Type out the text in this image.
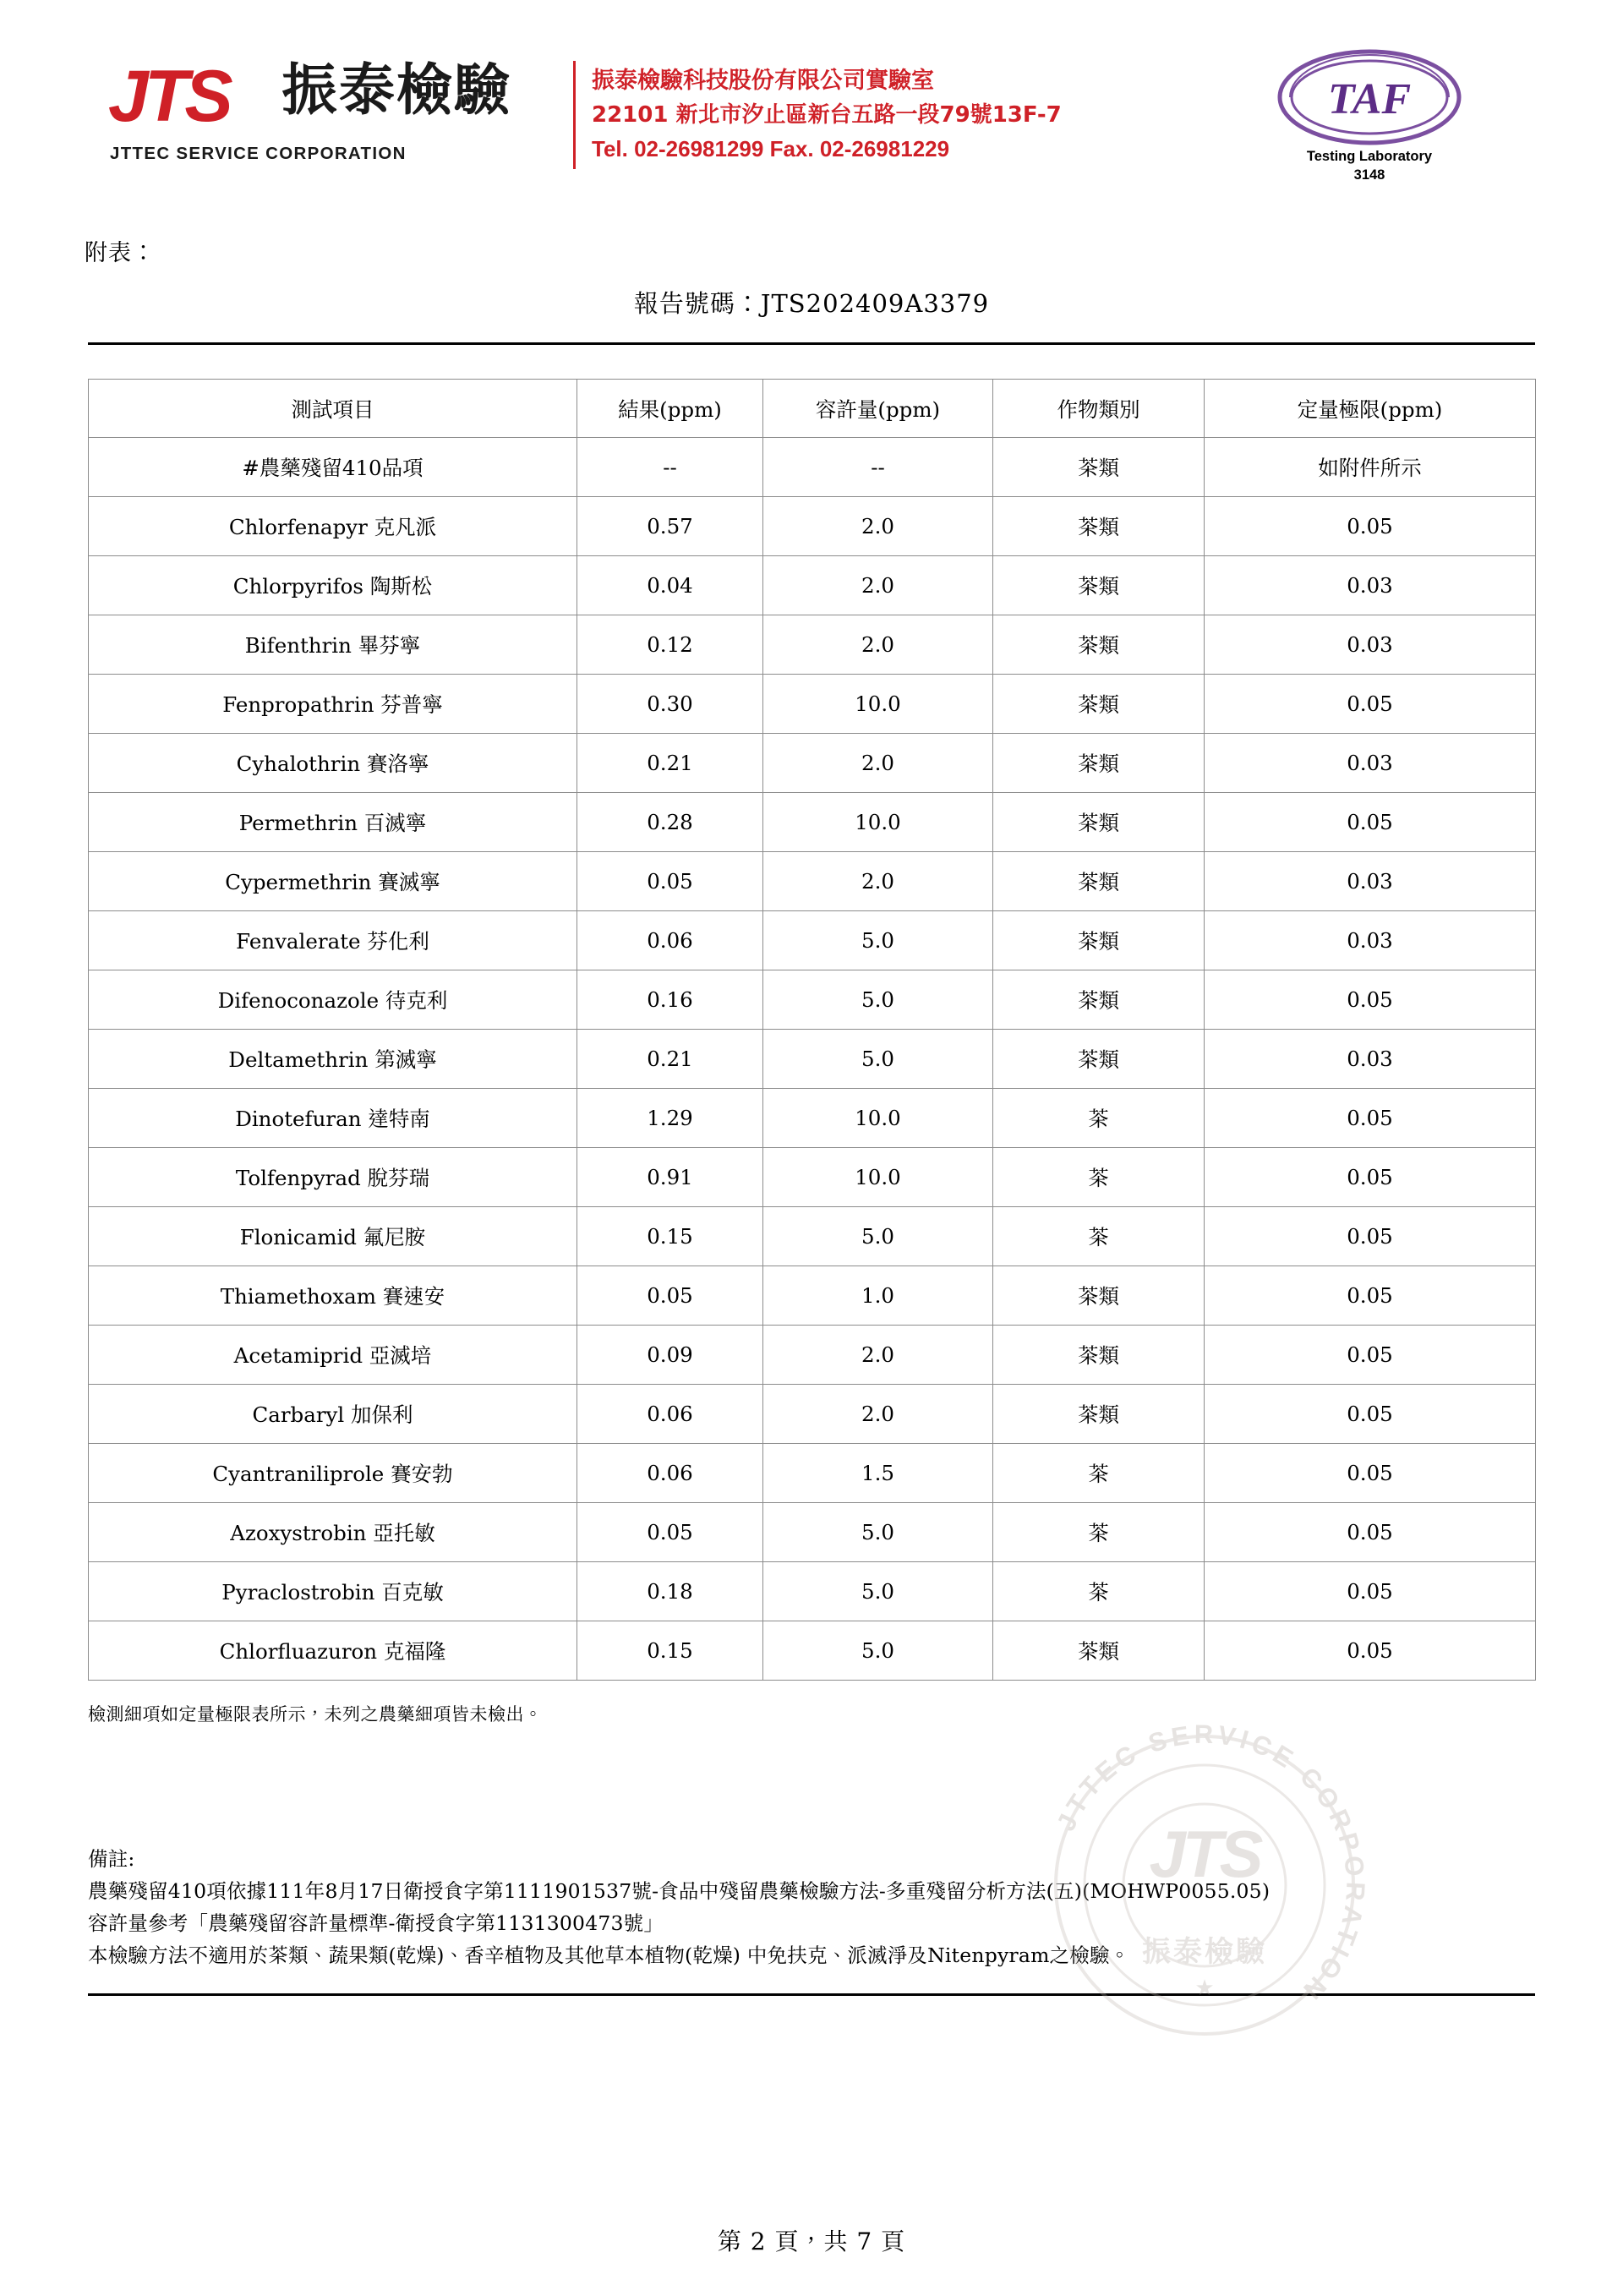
JTS 振泰檢驗
JTTEC SERVICE CORPORATION
振泰檢驗科技股份有限公司實驗室
22101 新北市汐止區新台五路一段79號13F-7
Tel. 02-26981299 Fax. 02-26981229
TAF
Testing Laboratory
3148
附表：
報告號碼：JTS202409A3379
測試項目	結果(ppm)	容許量(ppm)	作物類別	定量極限(ppm)
#農藥殘留410品項	--	--	茶類	如附件所示
Chlorfenapyr 克凡派	0.57	2.0	茶類	0.05
Chlorpyrifos 陶斯松	0.04	2.0	茶類	0.03
Bifenthrin 畢芬寧	0.12	2.0	茶類	0.03
Fenpropathrin 芬普寧	0.30	10.0	茶類	0.05
Cyhalothrin 賽洛寧	0.21	2.0	茶類	0.03
Permethrin 百滅寧	0.28	10.0	茶類	0.05
Cypermethrin 賽滅寧	0.05	2.0	茶類	0.03
Fenvalerate 芬化利	0.06	5.0	茶類	0.03
Difenoconazole 待克利	0.16	5.0	茶類	0.05
Deltamethrin 第滅寧	0.21	5.0	茶類	0.03
Dinotefuran 達特南	1.29	10.0	茶	0.05
Tolfenpyrad 脫芬瑞	0.91	10.0	茶	0.05
Flonicamid 氟尼胺	0.15	5.0	茶	0.05
Thiamethoxam 賽速安	0.05	1.0	茶類	0.05
Acetamiprid 亞滅培	0.09	2.0	茶類	0.05
Carbaryl 加保利	0.06	2.0	茶類	0.05
Cyantraniliprole 賽安勃	0.06	1.5	茶	0.05
Azoxystrobin 亞托敏	0.05	5.0	茶	0.05
Pyraclostrobin 百克敏	0.18	5.0	茶	0.05
Chlorfluazuron 克福隆	0.15	5.0	茶類	0.05
檢測細項如定量極限表所示，未列之農藥細項皆未檢出。
備註:
農藥殘留410項依據111年8月17日衛授食字第1111901537號-食品中殘留農藥檢驗方法-多重殘留分析方法(五)(MOHWP0055.05)
容許量參考「農藥殘留容許量標準-衛授食字第1131300473號」
本檢驗方法不適用於茶類、蔬果類(乾燥)、香辛植物及其他草本植物(乾燥) 中免扶克、派滅淨及Nitenpyram之檢驗。
JTTEC SERVICE CORPORATION
JTS
振泰檢驗
★
第 2 頁，共 7 頁
